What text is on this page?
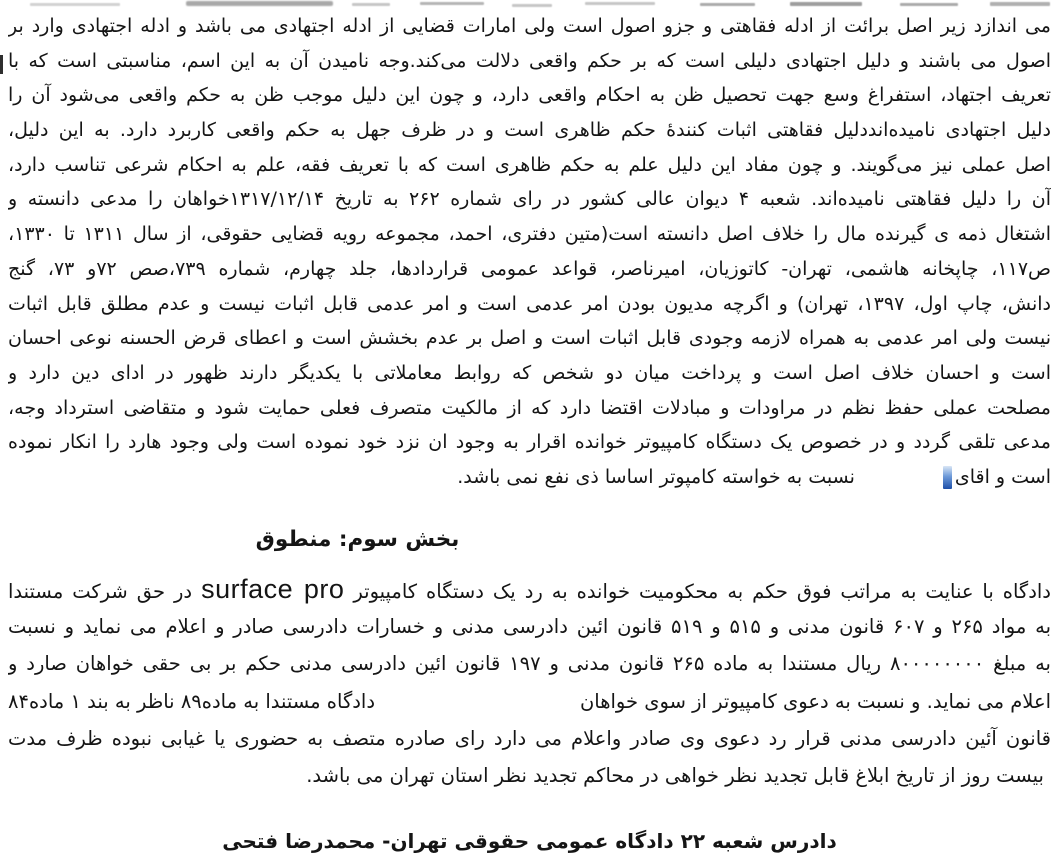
می اندازد زیر اصل برائت از ادله فقاهتی و جزو اصول است ولی امارات قضایی از ادله اجتهادی می باشد و ادله اجتهادی وارد بر
اصول می باشند و دلیل اجتهادی دلیلی است که بر حکم واقعی دلالت می‌کند.وجه نامیدن آن به این اسم، مناسبتی است که با
تعریف اجتهاد، استفراغ وسع جهت تحصیل ظن به احکام واقعی دارد، و چون این دلیل موجب ظن به حکم واقعی می‌شود آن را
دلیل اجتهادی نامیده‌انددلیل فقاهتی اثبات کنندهٔ حکم ظاهری است و در ظرف جهل به حکم واقعی کاربرد دارد. به این دلیل،
اصل عملی نیز می‌گویند. و چون مفاد این دلیل علم به حکم ظاهری است که با تعریف فقه، علم به احکام شرعی تناسب دارد،
آن را دلیل فقاهتی نامیده‌اند. شعبه ۴ دیوان عالی کشور در رای شماره ۲۶۲ به تاریخ ۱۳۱۷/۱۲/۱۴خواهان را مدعی دانسته و
اشتغال ذمه ی گیرنده مال را خلاف اصل دانسته است(متین دفتری، احمد، مجموعه رویه قضایی حقوقی، از سال ۱۳۱۱ تا ۱۳۳۰،
ص۱۱۷، چاپخانه هاشمی، تهران- کاتوزیان، امیرناصر، قواعد عمومی قراردادها، جلد چهارم، شماره ۷۳۹،صص ۷۲و ۷۳، گنج
دانش، چاپ اول، ۱۳۹۷، تهران) و اگرچه مدیون بودن امر عدمی است و امر عدمی قابل اثبات نیست و عدم مطلق قابل اثبات
نیست ولی امر عدمی به همراه لازمه وجودی قابل اثبات است و اصل بر عدم بخشش است و اعطای قرض الحسنه نوعی احسان
است و احسان خلاف اصل است و پرداخت میان دو شخص که روابط معاملاتی با یکدیگر دارند ظهور در ادای دین دارد و
مصلحت عملی حفظ نظم در مراودات و مبادلات اقتضا دارد که از مالکیت متصرف فعلی حمایت شود و متقاضی استرداد وجه،
مدعی تلقی گردد و در خصوص یک دستگاه کامپیوتر خوانده اقرار به وجود ان نزد خود نموده است ولی وجود هارد را انکار نموده
است و اقای
نسبت به خواسته کامپوتر اساسا ذی نفع نمی باشد.
بخش سوم: منطوق
دادگاه با عنایت به مراتب فوق حکم به محکومیت خوانده به رد یک دستگاه کامپیوتر surface pro در حق شرکت مستندا
به مواد ۲۶۵ و ۶۰۷ قانون مدنی و ۵۱۵ و ۵۱۹ قانون ائین دادرسی مدنی و خسارات دادرسی صادر و اعلام می نماید و نسبت
به مبلغ ۸۰۰۰۰۰۰۰۰ ریال مستندا به ماده ۲۶۵ قانون مدنی و ۱۹۷ قانون ائین دادرسی مدنی حکم بر بی حقی خواهان صارد و
اعلام می نماید. و نسبت به دعوی کامپیوتر از سوی خواهان
دادگاه مستندا به ماده۸۹ ناظر به بند ۱ ماده۸۴
قانون آئین دادرسی مدنی قرار رد دعوی وی صادر واعلام می دارد رای صادره متصف به حضوری یا غیابی نبوده ظرف مدت
بیست روز از تاریخ ابلاغ قابل تجدید نظر خواهی در محاکم تجدید نظر استان تهران می باشد.
دادرس شعبه ۲۲ دادگاه عمومی حقوقی تهران- محمدرضا فتحی
